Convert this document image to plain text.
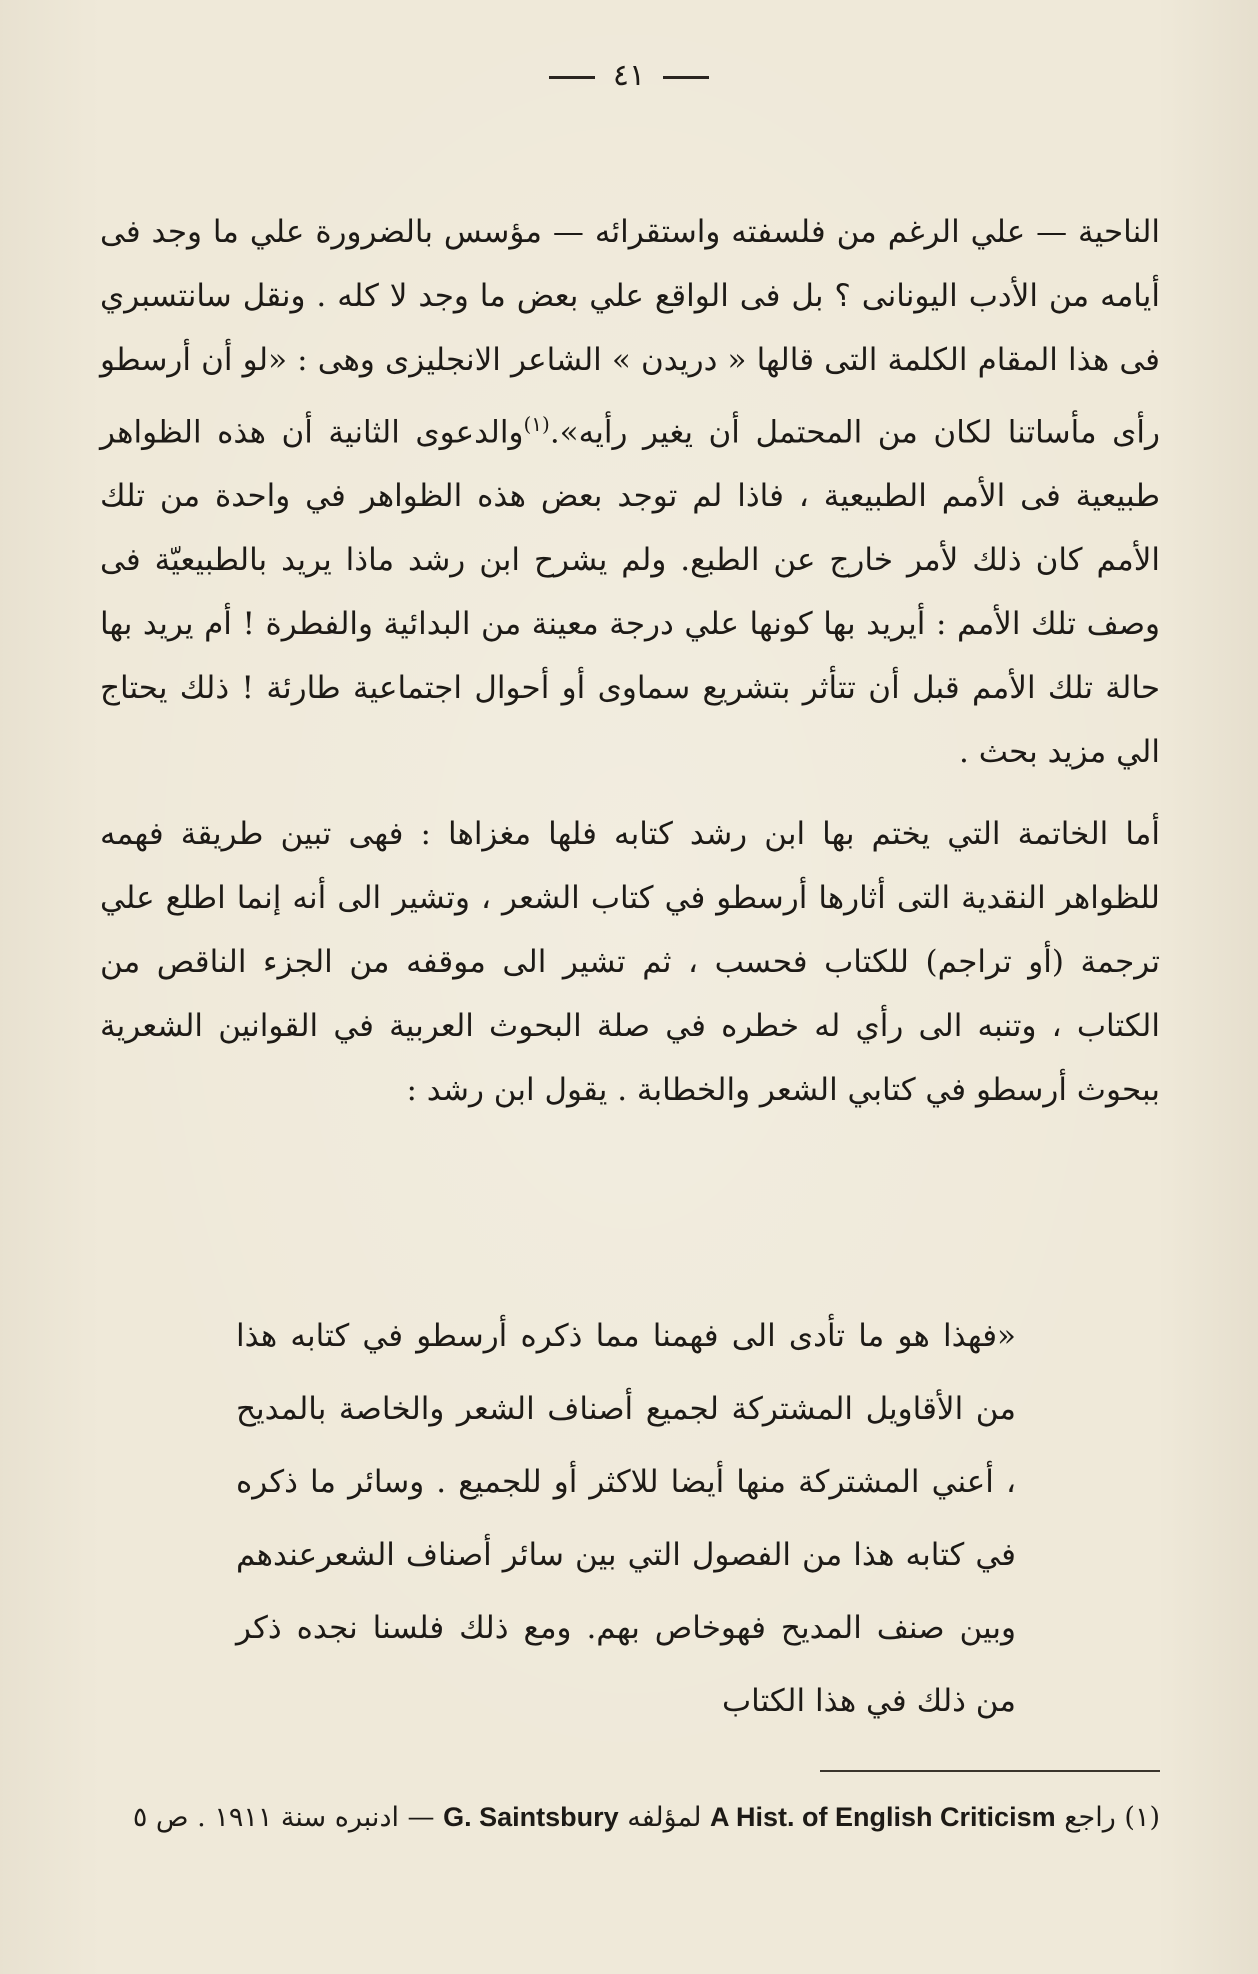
٤١

الناحية — علي الرغم من فلسفته واستقرائه — مؤسس بالضرورة علي ما وجد فى أيامه من الأدب اليونانى ؟ بل فى الواقع علي بعض ما وجد لا كله . ونقل سانتسبري فى هذا المقام الكلمة التى قالها « دريدن » الشاعر الانجليزى وهى : «لو أن أرسطو رأى مأساتنا لكان من المحتمل أن يغير رأيه».$^{(١)}$والدعوى الثانية أن هذه الظواهر طبيعية فى الأمم الطبيعية ، فاذا لم توجد بعض هذه الظواهر في واحدة من تلك الأمم كان ذلك لأمر خارج عن الطبع. ولم يشرح ابن رشد ماذا يريد بالطبيعيّة فى وصف تلك الأمم : أيريد بها كونها علي درجة معينة من البدائية والفطرة ! أم يريد بها حالة تلك الأمم قبل أن تتأثر بتشريع سماوى أو أحوال اجتماعية طارئة ! ذلك يحتاج الي مزيد بحث .

أما الخاتمة التي يختم بها ابن رشد كتابه فلها مغزاها : فهى تبين طريقة فهمه للظواهر النقدية التى أثارها أرسطو في كتاب الشعر ، وتشير الى أنه إنما اطلع علي ترجمة (أو تراجم) للكتاب فحسب ، ثم تشير الى موقفه من الجزء الناقص من الكتاب ، وتنبه الى رأي له خطره في صلة البحوث العربية في القوانين الشعرية ببحوث أرسطو في كتابي الشعر والخطابة . يقول ابن رشد :

«فهذا هو ما تأدى الى فهمنا مما ذكره أرسطو في كتابه هذا من الأقاويل المشتركة لجميع أصناف الشعر والخاصة بالمديح ، أعني المشتركة منها أيضا للاكثر أو للجميع . وسائر ما ذكره في كتابه هذا من الفصول التي بين سائر أصناف الشعرعندهم وبين صنف المديح فهوخاص بهم. ومع ذلك فلسنا نجده ذكر من ذلك في هذا الكتاب
(١) راجع A Hist. of English Criticism لمؤلفه G. Saintsbury — ادنبره سنة ١٩١١ . ص ٥
